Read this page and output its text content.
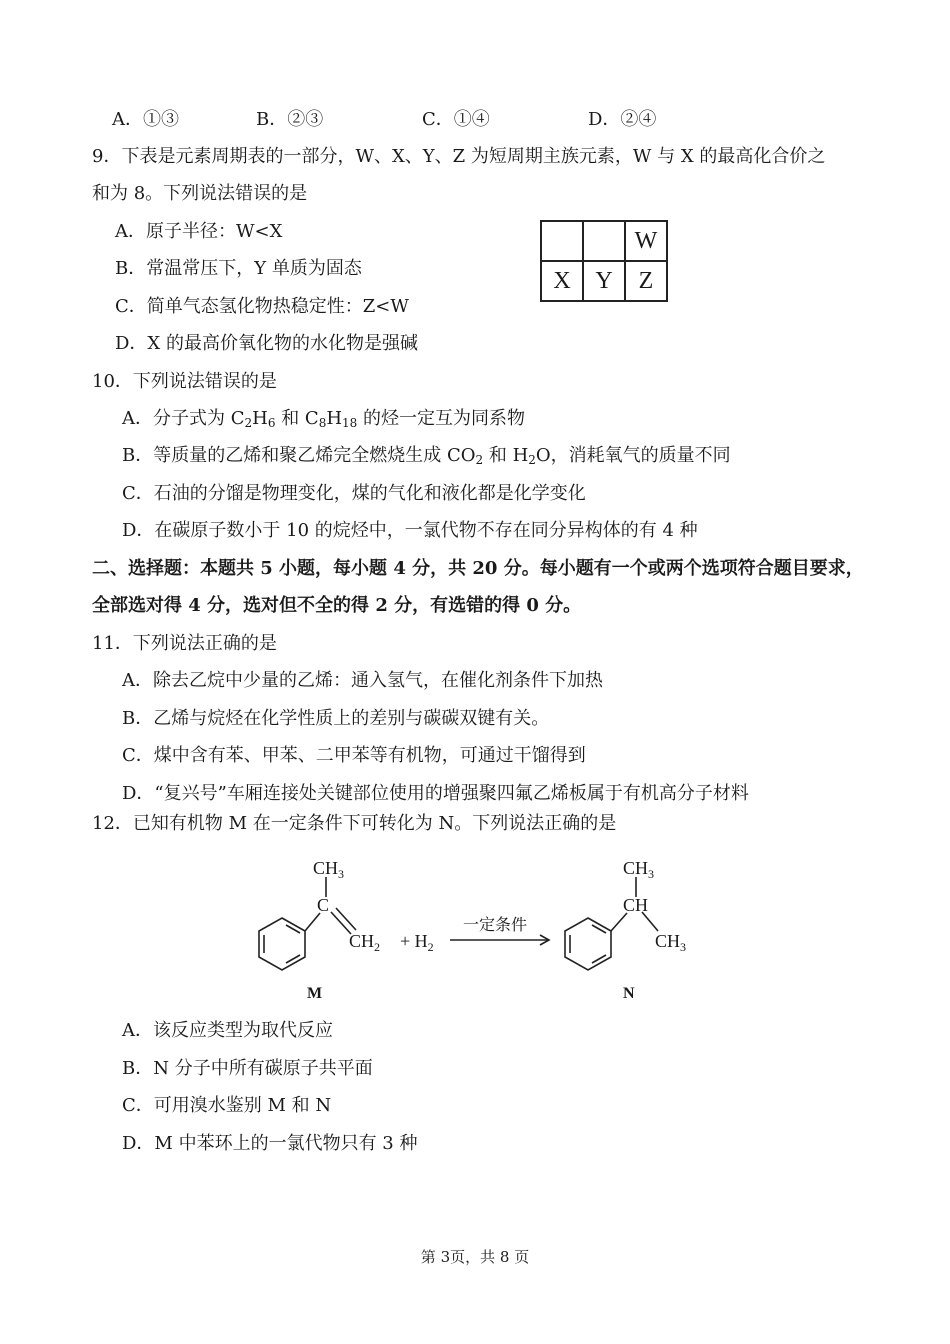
A．①③	B．②③	C．①④	D．②④
9．下表是元素周期表的一部分，W、X、Y、Z 为短周期主族元素，W 与 X 的最高化合价之
和为 8。下列说法错误的是
A．原子半径：W<X
B．常温常压下，Y 单质为固态
C．简单气态氢化物热稳定性：Z<W
D．X 的最高价氧化物的水化物是强碱
		W
X	Y	Z
10．下列说法错误的是
A．分子式为 $C_2H_6$ 和 $C_8H_{18}$ 的烃一定互为同系物
B．等质量的乙烯和聚乙烯完全燃烧生成 $CO_2$ 和 $H_2O$，消耗氧气的质量不同
C．石油的分馏是物理变化，煤的气化和液化都是化学变化
D．在碳原子数小于 10 的烷烃中，一氯代物不存在同分异构体的有 4 种
二、选择题：本题共 5 小题，每小题 4 分，共 20 分。每小题有一个或两个选项符合题目要求，
全部选对得 4 分，选对但不全的得 2 分，有选错的得 0 分。
11．下列说法正确的是
A．除去乙烷中少量的乙烯：通入氢气，在催化剂条件下加热
B．乙烯与烷烃在化学性质上的差别与碳碳双键有关。
C．煤中含有苯、甲苯、二甲苯等有机物，可通过干馏得到
D．“复兴号”车厢连接处关键部位使用的增强聚四氟乙烯板属于有机高分子材料
12．已知有机物 M 在一定条件下可转化为 N。下列说法正确的是
$CH_3$
C
$CH_2 + H_2$
一定条件
$CH_3$
CH
$CH_3$
M	N
A．该反应类型为取代反应
B．N 分子中所有碳原子共平面
C．可用溴水鉴别 M 和 N
D．M 中苯环上的一氯代物只有 3 种
第 3页，共 8 页
